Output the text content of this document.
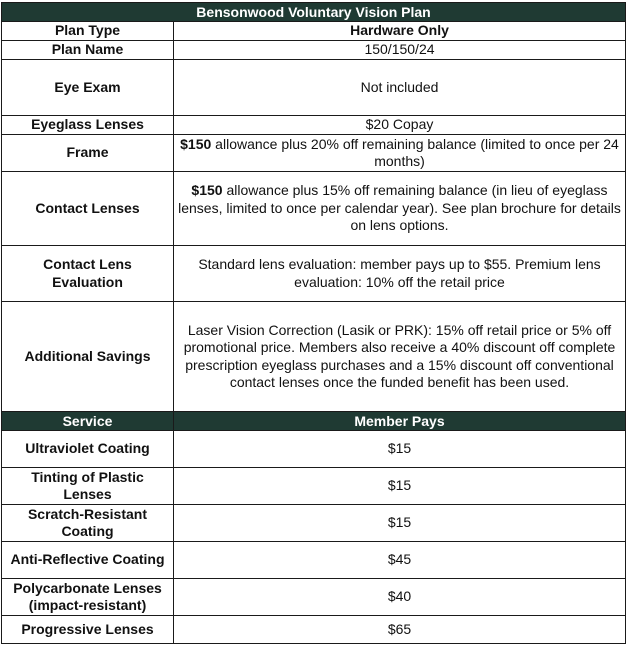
Bensonwood Voluntary Vision Plan	
Plan Type	Hardware Only
Plan Name	150/150/24
Eye Exam	Not included
Eyeglass Lenses	$20 Copay
Frame	$150 allowance plus 20% off remaining balance (limited to once per 24 months)
Contact Lenses	$150 allowance plus 15% off remaining balance (in lieu of eyeglass lenses, limited to once per calendar year). See plan brochure for details on lens options.
Contact Lens Evaluation	Standard lens evaluation: member pays up to $55. Premium lens evaluation: 10% off the retail price
Additional Savings	Laser Vision Correction (Lasik or PRK): 15% off retail price or 5% off promotional price. Members also receive a 40% discount off complete prescription eyeglass purchases and a 15% discount off conventional contact lenses once the funded benefit has been used.
Service	Member Pays
Ultraviolet Coating	$15
Tinting of Plastic Lenses	$15
Scratch-Resistant Coating	$15
Anti-Reflective Coating	$45
Polycarbonate Lenses (impact-resistant)	$40
Progressive Lenses	$65
